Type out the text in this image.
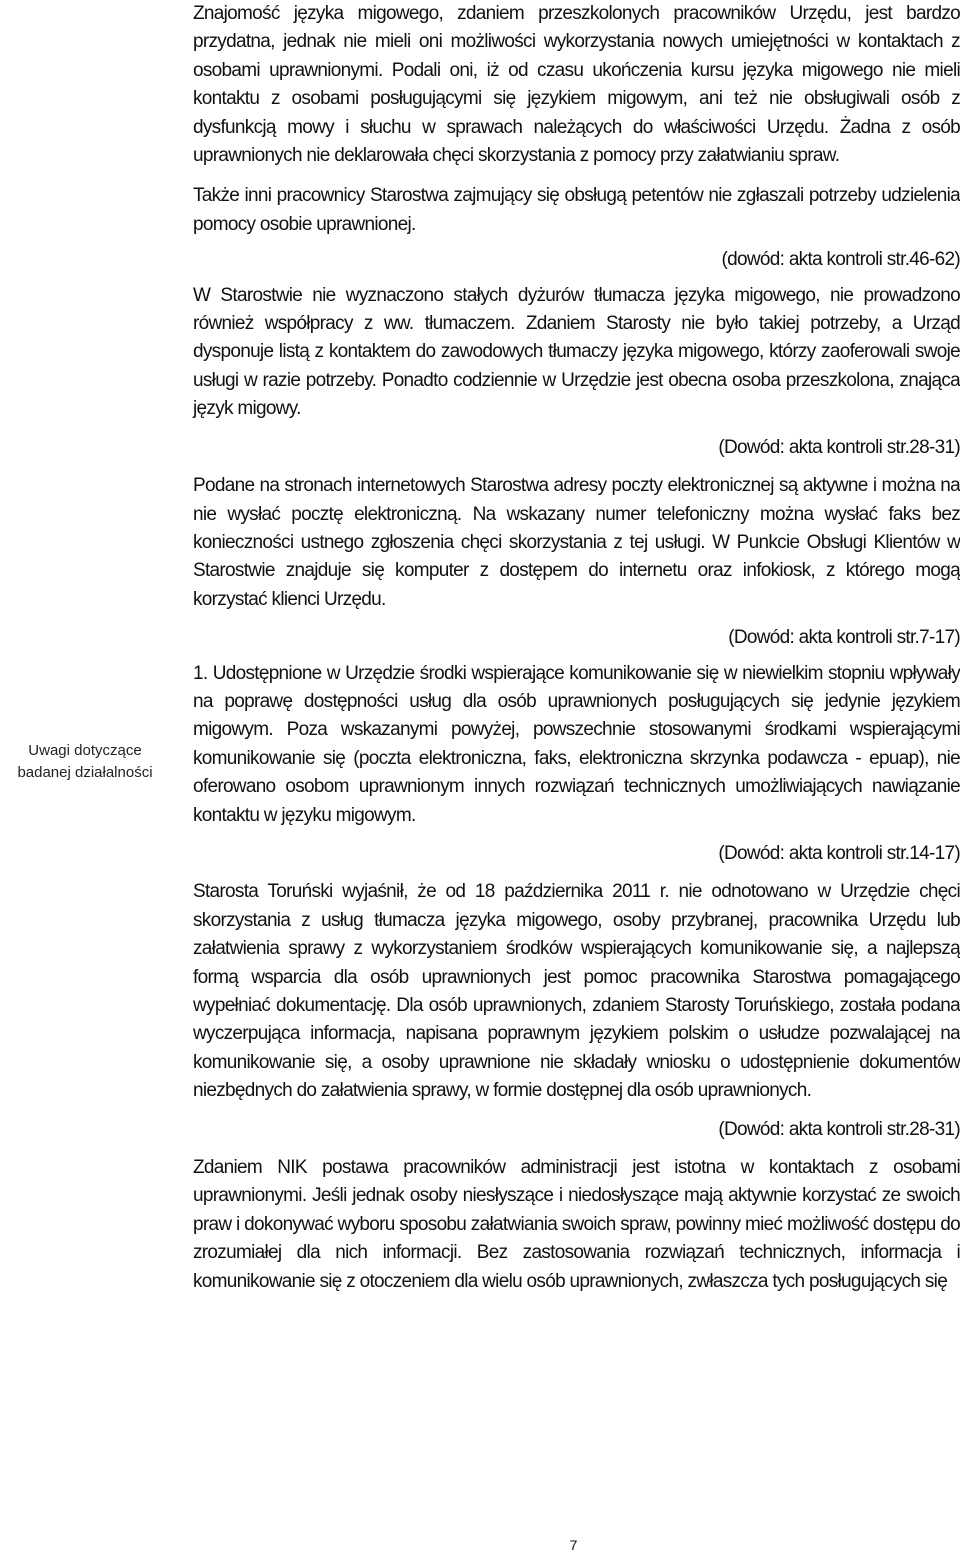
Uwagi dotyczące badanej działalności

Znajomość języka migowego, zdaniem przeszkolonych pracowników Urzędu, jest bardzo przydatna, jednak nie mieli oni możliwości wykorzystania nowych umiejętności w kontaktach z osobami uprawnionymi. Podali oni, iż od czasu ukończenia kursu języka migowego nie mieli kontaktu z osobami posługującymi się językiem migowym, ani też nie obsługiwali osób z dysfunkcją mowy i słuchu w sprawach należących do właściwości Urzędu. Żadna z osób uprawnionych nie deklarowała chęci skorzystania z pomocy przy załatwianiu spraw.

Także inni pracownicy Starostwa zajmujący się obsługą petentów nie zgłaszali potrzeby udzielenia pomocy osobie uprawnionej.

(dowód: akta kontroli str.46-62)

W Starostwie nie wyznaczono stałych dyżurów tłumacza języka migowego, nie prowadzono również współpracy z ww. tłumaczem. Zdaniem Starosty nie było takiej potrzeby, a Urząd dysponuje listą z kontaktem do zawodowych tłumaczy języka migowego, którzy zaoferowali swoje usługi w razie potrzeby. Ponadto codziennie w Urzędzie jest obecna osoba przeszkolona, znająca język migowy.

(Dowód: akta kontroli str.28-31)

Podane na stronach internetowych Starostwa adresy poczty elektronicznej są aktywne i można na nie wysłać pocztę elektroniczną. Na wskazany numer telefoniczny można wysłać faks bez konieczności ustnego zgłoszenia chęci skorzystania z tej usługi. W Punkcie Obsługi Klientów w Starostwie znajduje się komputer z dostępem do internetu oraz infokiosk, z którego mogą korzystać klienci Urzędu.

(Dowód: akta kontroli str.7-17)

1. Udostępnione w Urzędzie środki wspierające komunikowanie się w niewielkim stopniu wpływały na poprawę dostępności usług dla osób uprawnionych posługujących się jedynie językiem migowym. Poza wskazanymi powyżej, powszechnie stosowanymi środkami wspierającymi komunikowanie się (poczta elektroniczna, faks, elektroniczna skrzynka podawcza - epuap), nie oferowano osobom uprawnionym innych rozwiązań technicznych umożliwiających nawiązanie kontaktu w języku migowym.

(Dowód: akta kontroli str.14-17)

Starosta Toruński wyjaśnił, że od 18 października 2011 r. nie odnotowano w Urzędzie chęci skorzystania z usług tłumacza języka migowego, osoby przybranej, pracownika Urzędu lub załatwienia sprawy z wykorzystaniem środków wspierających komunikowanie się, a najlepszą formą wsparcia dla osób uprawnionych jest pomoc pracownika Starostwa pomagającego wypełniać dokumentację. Dla osób uprawnionych, zdaniem Starosty Toruńskiego, została podana wyczerpująca informacja, napisana poprawnym językiem polskim o usłudze pozwalającej na komunikowanie się, a osoby uprawnione nie składały wniosku o udostępnienie dokumentów niezbędnych do załatwienia sprawy, w formie dostępnej dla osób uprawnionych.

(Dowód: akta kontroli str.28-31)

Zdaniem NIK postawa pracowników administracji jest istotna w kontaktach z osobami uprawnionymi. Jeśli jednak osoby niesłyszące i niedosłyszące mają aktywnie korzystać ze swoich praw i dokonywać wyboru sposobu załatwiania swoich spraw, powinny mieć możliwość dostępu do zrozumiałej dla nich informacji. Bez zastosowania rozwiązań technicznych, informacja i komunikowanie się z otoczeniem dla wielu osób uprawnionych, zwłaszcza tych posługujących się

7
